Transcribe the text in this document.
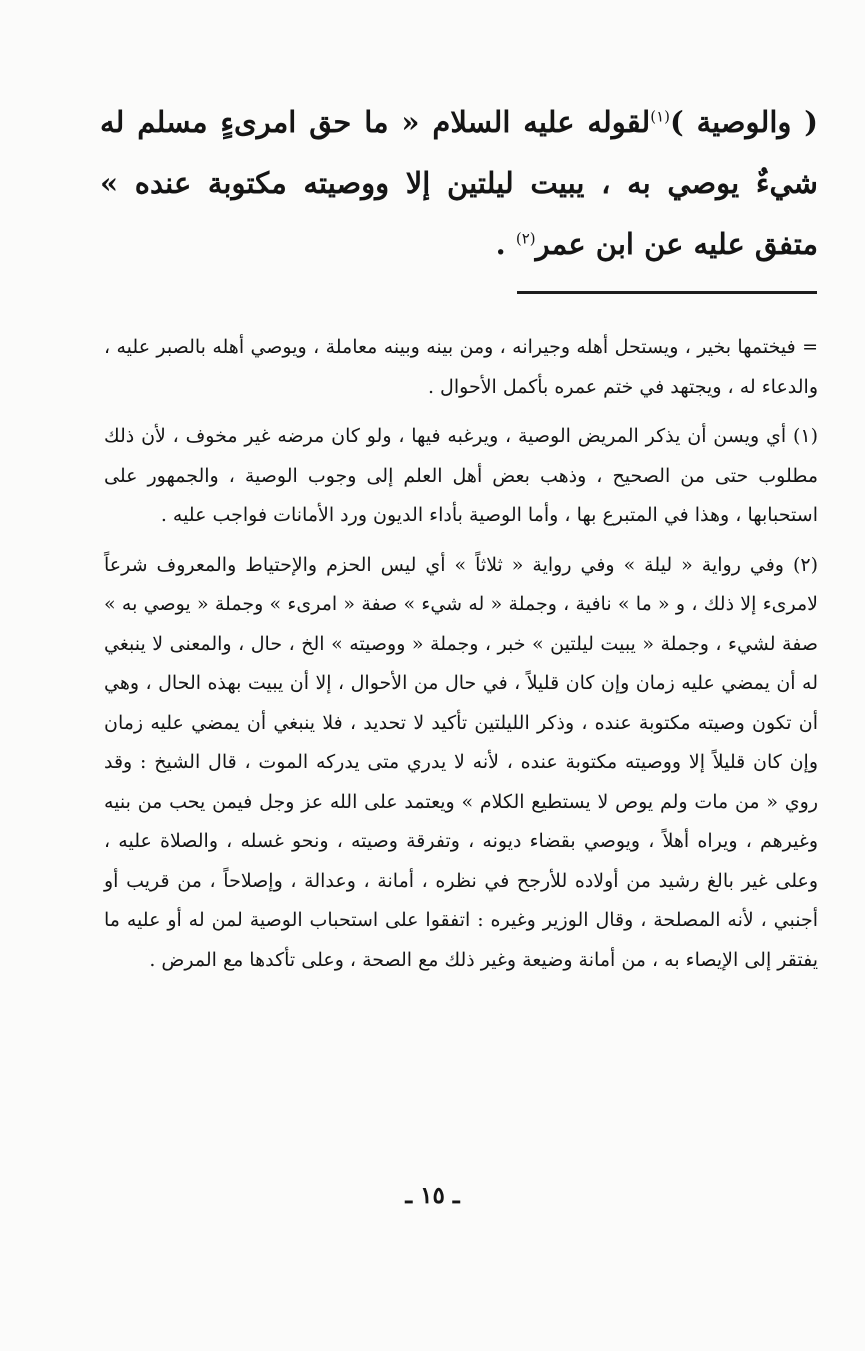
( والوصية )$^{(١)}$لقوله عليه السلام « ما حق امرىءٍ مسلم له شيءٌ يوصي به ، يبيت ليلتين إلا ووصيته مكتوبة عنده » متفق عليه عن ابن عمر$^{(٢)}$ .

= فيختمها بخير ، ويستحل أهله وجيرانه ، ومن بينه وبينه معاملة ، ويوصي أهله بالصبر عليه ، والدعاء له ، ويجتهد في ختم عمره بأكمل الأحوال .

(١) أي ويسن أن يذكر المريض الوصية ، ويرغبه فيها ، ولو كان مرضه غير مخوف ، لأن ذلك مطلوب حتى من الصحيح ، وذهب بعض أهل العلم إلى وجوب الوصية ، والجمهور على استحبابها ، وهذا في المتبرع بها ، وأما الوصية بأداء الديون ورد الأمانات فواجب عليه .

(٢) وفي رواية « ليلة » وفي رواية « ثلاثاً » أي ليس الحزم والإحتياط والمعروف شرعاً لامرىء إلا ذلك ، و « ما » نافية ، وجملة « له شيء » صفة « امرىء » وجملة « يوصي به » صفة لشيء ، وجملة « يبيت ليلتين » خبر ، وجملة « ووصيته » الخ ، حال ، والمعنى لا ينبغي له أن يمضي عليه زمان وإن كان قليلاً ، في حال من الأحوال ، إلا أن يبيت بهذه الحال ، وهي أن تكون وصيته مكتوبة عنده ، وذكر الليلتين تأكيد لا تحديد ، فلا ينبغي أن يمضي عليه زمان وإن كان قليلاً إلا ووصيته مكتوبة عنده ، لأنه لا يدري متى يدركه الموت ، قال الشيخ : وقد روي « من مات ولم يوص لا يستطيع الكلام » ويعتمد على الله عز وجل فيمن يحب من بنيه وغيرهم ، ويراه أهلاً ، ويوصي بقضاء ديونه ، وتفرقة وصيته ، ونحو غسله ، والصلاة عليه ، وعلى غير بالغ رشيد من أولاده للأرجح في نظره ، أمانة ، وعدالة ، وإصلاحاً ، من قريب أو أجنبي ، لأنه المصلحة ، وقال الوزير وغيره : اتفقوا على استحباب الوصية لمن له أو عليه ما يفتقر إلى الإيصاء به ، من أمانة وضيعة وغير ذلك مع الصحة ، وعلى تأكدها مع المرض .

ـ ١٥ ـ
